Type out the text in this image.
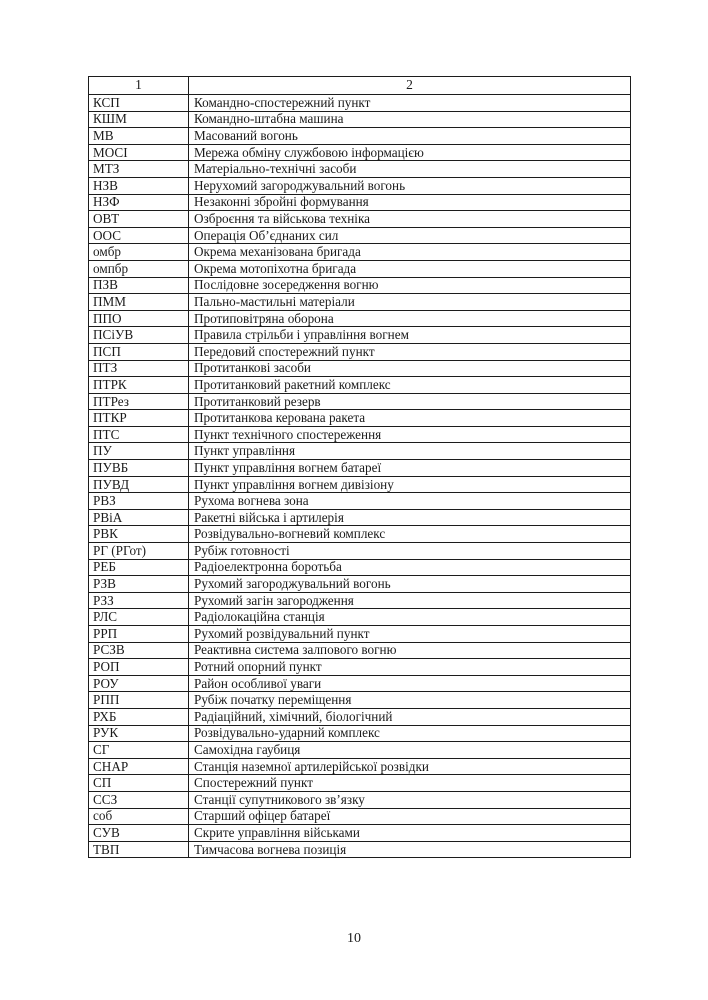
1	2
КСП	Командно-спостережний пункт
КШМ	Командно-штабна машина
МВ	Масований вогонь
МОСІ	Мережа обміну службовою інформацією
МТЗ	Матеріально-технічні засоби
НЗВ	Нерухомий загороджувальний вогонь
НЗФ	Незаконні збройні формування
ОВТ	Озброєння та військова техніка
ООС	Операція Об’єднаних сил
омбр	Окрема механізована бригада
омпбр	Окрема мотопіхотна бригада
ПЗВ	Послідовне зосередження вогню
ПММ	Пально-мастильні матеріали
ППО	Протиповітряна оборона
ПСіУВ	Правила стрільби і управління вогнем
ПСП	Передовий спостережний пункт
ПТЗ	Протитанкові засоби
ПТРК	Протитанковий ракетний комплекс
ПТРез	Протитанковий резерв
ПТКР	Протитанкова керована ракета
ПТС	Пункт технічного спостереження
ПУ	Пункт управління
ПУВБ	Пункт управління вогнем батареї
ПУВД	Пункт управління вогнем дивізіону
РВЗ	Рухома вогнева зона
РВіА	Ракетні війська і артилерія
РВК	Розвідувально-вогневий комплекс
РГ (РГот)	Рубіж готовності
РЕБ	Радіоелектронна боротьба
РЗВ	Рухомий загороджувальний вогонь
РЗЗ	Рухомий загін загородження
РЛС	Радіолокаційна станція
РРП	Рухомий розвідувальний пункт
РСЗВ	Реактивна система залпового вогню
РОП	Ротний опорний пункт
РОУ	Район особливої уваги
РПП	Рубіж початку переміщення
РХБ	Радіаційний, хімічний, біологічний
РУК	Розвідувально-ударний комплекс
СГ	Самохідна гаубиця
СНАР	Станція наземної артилерійської розвідки
СП	Спостережний пункт
ССЗ	Станції супутникового зв’язку
соб	Старший офіцер батареї
СУВ	Скрите управління військами
ТВП	Тимчасова вогнева позиція
10
